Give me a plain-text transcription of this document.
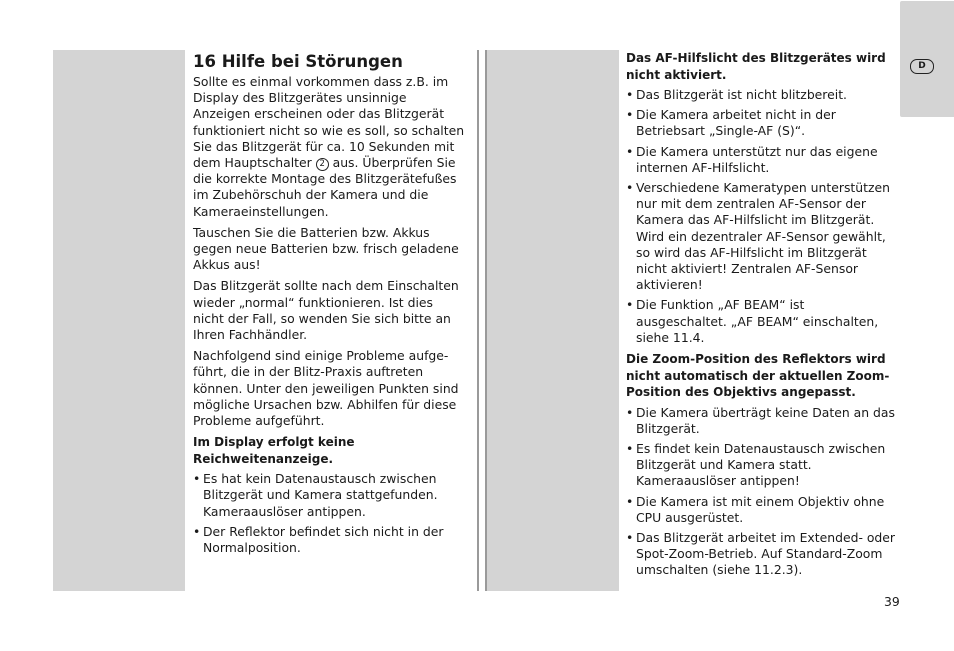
D
16 Hilfe bei Störungen

Sollte es einmal vorkommen dass z.B. im Display des Blitzgerätes unsinnige Anzeigen erscheinen oder das Blitzgerät funktioniert nicht so wie es soll, so schalten Sie das Blitzgerät für ca. 10 Sekunden mit dem Hauptschalter 2 aus. Überprüfen Sie die korrekte Montage des Blitzgerätefußes im Zubehörschuh der Kamera und die Kameraeinstellungen.

Tauschen Sie die Batterien bzw. Akkus gegen neue Batterien bzw. frisch geladene Akkus aus!

Das Blitzgerät sollte nach dem Einschalten wieder „normal“ funktionieren. Ist dies nicht der Fall, so wenden Sie sich bitte an Ihren Fachhändler.

Nachfolgend sind einige Probleme aufge- führt, die in der Blitz-Praxis auftreten können. Unter den jeweiligen Punkten sind mögliche Ursachen bzw. Abhilfen für diese Probleme aufgeführt.

Im Display erfolgt keine Reichweitenanzeige.
• Es hat kein Datenaustausch zwischen Blitzgerät und Kamera stattgefunden. Kameraauslöser antippen.
• Der Reflektor befindet sich nicht in der Normalposition.
Das AF-Hilfslicht des Blitzgerätes wird nicht aktiviert.
• Das Blitzgerät ist nicht blitzbereit.
• Die Kamera arbeitet nicht in der Betriebsart „Single-AF (S)“.
• Die Kamera unterstützt nur das eigene internen AF-Hilfslicht.
• Verschiedene Kameratypen unterstützen nur mit dem zentralen AF-Sensor der Kamera das AF-Hilfslicht im Blitzgerät. Wird ein dezentraler AF-Sensor gewählt, so wird das AF-Hilfslicht im Blitzgerät nicht aktiviert! Zentralen AF-Sensor aktivieren!
• Die Funktion „AF BEAM“ ist ausgeschaltet. „AF BEAM“ einschalten, siehe 11.4.
Die Zoom-Position des Reflektors wird nicht automatisch der aktuellen Zoom-Position des Objektivs angepasst.
• Die Kamera überträgt keine Daten an das Blitzgerät.
• Es findet kein Datenaustausch zwischen Blitzgerät und Kamera statt. Kameraauslöser antippen!
• Die Kamera ist mit einem Objektiv ohne CPU ausgerüstet.
• Das Blitzgerät arbeitet im Extended- oder Spot-Zoom-Betrieb. Auf Standard-Zoom umschalten (siehe 11.2.3).
39
